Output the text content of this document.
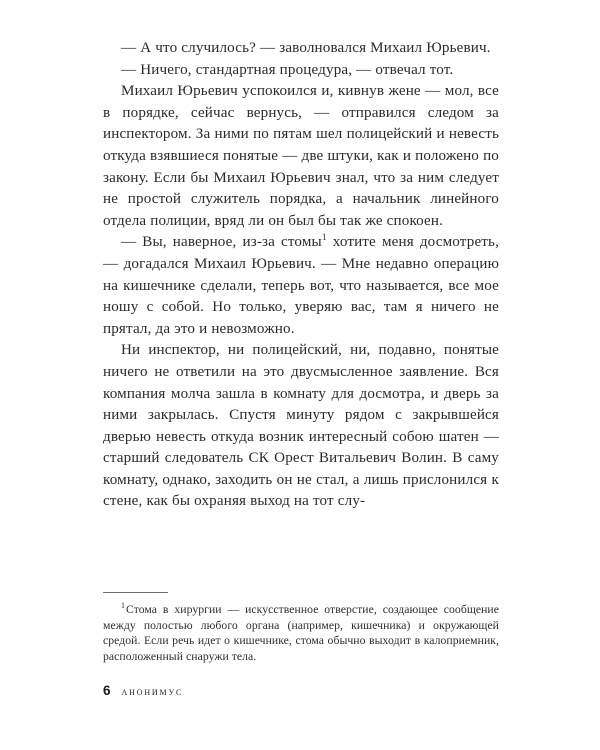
— А что случилось? — заволновался Михаил Юрьевич.

— Ничего, стандартная процедура, — отвечал тот.

Михаил Юрьевич успокоился и, кивнув жене — мол, все в порядке, сейчас вернусь, — отправился следом за инспектором. За ними по пятам шел полицейский и невесть откуда взявшиеся понятые — две штуки, как и положено по закону. Если бы Михаил Юрьевич знал, что за ним следует не простой служитель порядка, а начальник линейного отдела полиции, вряд ли он был бы так же спокоен.

— Вы, наверное, из-за стомы$^1$ хотите меня досмотреть, — догадался Михаил Юрьевич. — Мне недавно операцию на кишечнике сделали, теперь вот, что называется, все мое ношу с собой. Но только, уверяю вас, там я ничего не прятал, да это и невозможно.

Ни инспектор, ни полицейский, ни, подавно, понятые ничего не ответили на это двусмысленное заявление. Вся компания молча зашла в комнату для досмотра, и дверь за ними закрылась. Спустя минуту рядом с закрывшейся дверью невесть откуда возник интересный собою шатен — старший следователь СК Орест Витальевич Волин. В саму комнату, однако, заходить он не стал, а лишь прислонился к стене, как бы охраняя выход на тот слу-

$^1$Стома в хирургии — искусственное отверстие, создающее сообщение между полостью любого органа (например, кишечника) и окружающей средой. Если речь идет о кишечнике, стома обычно выходит в калоприемник, расположенный снаружи тела.

6 анонимус
